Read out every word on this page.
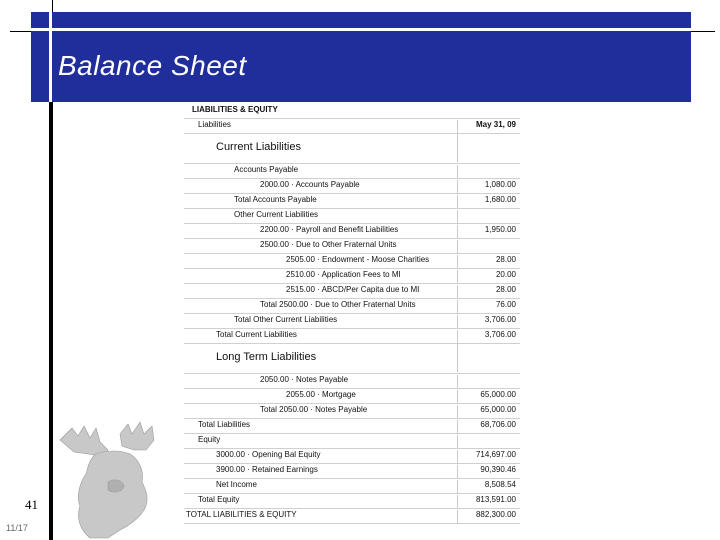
Balance Sheet
LIABILITIES & EQUITY
Liabilities	May 31, 09
Current Liabilities
Accounts Payable
2000.00 · Accounts Payable	1,080.00
Total Accounts Payable	1,680.00
Other Current Liabilities
2200.00 · Payroll and Benefit Liabilities	1,950.00
2500.00 · Due to Other Fraternal Units
2505.00 · Endowment - Moose Charities	28.00
2510.00 · Application Fees to MI	20.00
2515.00 · ABCD/Per Capita due to MI	28.00
Total 2500.00 · Due to Other Fraternal Units	76.00
Total Other Current Liabilities	3,706.00
Total Current Liabilities	3,706.00
Long Term Liabilities
2050.00 · Notes Payable
2055.00 · Mortgage	65,000.00
Total 2050.00 · Notes Payable	65,000.00
Total Liabilities	68,706.00
Equity
3000.00 · Opening Bal Equity	714,697.00
3900.00 · Retained Earnings	90,390.46
Net Income	8,508.54
Total Equity	813,591.00
TOTAL LIABILITIES & EQUITY	882,300.00
41
11/17
